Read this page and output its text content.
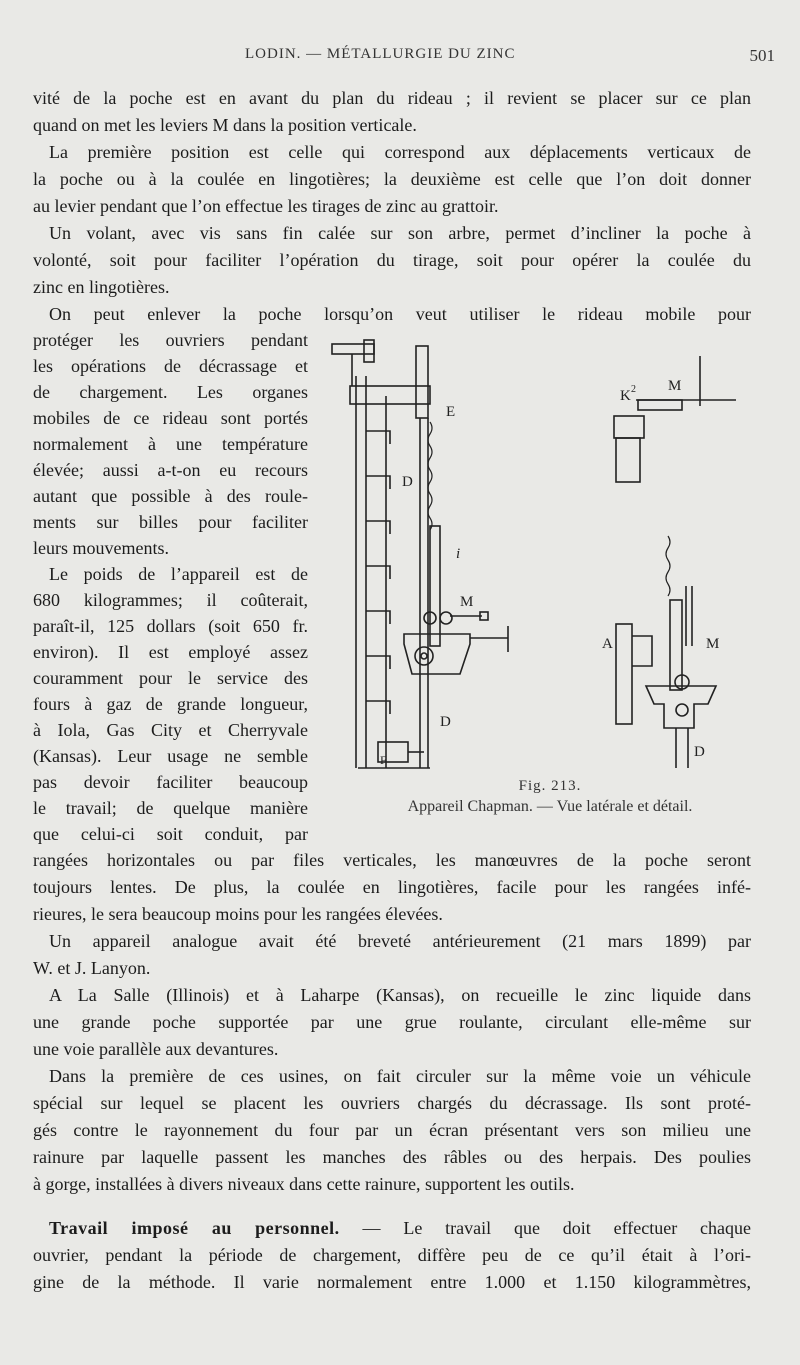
LODIN. — MÉTALLURGIE DU ZINC	501
vité de la poche est en avant du plan du rideau ; il revient se placer sur ce plan
quand on met les leviers M dans la position verticale.
La première position est celle qui correspond aux déplacements verticaux de
la poche ou à la coulée en lingotières; la deuxième est celle que l’on doit donner
au levier pendant que l’on effectue les tirages de zinc au grattoir.
Un volant, avec vis sans fin calée sur son arbre, permet d’incliner la poche à
volonté, soit pour faciliter l’opération du tirage, soit pour opérer la coulée du
zinc en lingotières.
On peut enlever la poche lorsqu’on veut utiliser le rideau mobile pour
protéger les ouvriers pendant
les opérations de décrassage et
de chargement. Les organes
mobiles de ce rideau sont portés
normalement à une température
élevée; aussi a-t-on eu recours
autant que possible à des roule-
ments sur billes pour faciliter
leurs mouvements.
Le poids de l’appareil est de
680 kilogrammes; il coûterait,
paraît-il, 125 dollars (soit 650 fr.
environ). Il est employé assez
couramment pour le service des
fours à gaz de grande longueur,
à Iola, Gas City et Cherryvale
(Kansas). Leur usage ne semble
pas devoir faciliter beaucoup
le travail; de quelque manière
que celui-ci soit conduit, par
E
D
i
M
D
F
K 2 M
A	M
D
Fig. 213.
Appareil Chapman. — Vue latérale et détail.
rangées horizontales ou par files verticales, les manœuvres de la poche seront
toujours lentes. De plus, la coulée en lingotières, facile pour les rangées infé-
rieures, le sera beaucoup moins pour les rangées élevées.
Un appareil analogue avait été breveté antérieurement (21 mars 1899) par
W. et J. Lanyon.
A La Salle (Illinois) et à Laharpe (Kansas), on recueille le zinc liquide dans
une grande poche supportée par une grue roulante, circulant elle-même sur
une voie parallèle aux devantures.
Dans la première de ces usines, on fait circuler sur la même voie un véhicule
spécial sur lequel se placent les ouvriers chargés du décrassage. Ils sont proté-
gés contre le rayonnement du four par un écran présentant vers son milieu une
rainure par laquelle passent les manches des râbles ou des herpais. Des poulies
à gorge, installées à divers niveaux dans cette rainure, supportent les outils.
Travail imposé au personnel. — Le travail que doit effectuer chaque
ouvrier, pendant la période de chargement, diffère peu de ce qu’il était à l’ori-
gine de la méthode. Il varie normalement entre 1.000 et 1.150 kilogrammètres,
